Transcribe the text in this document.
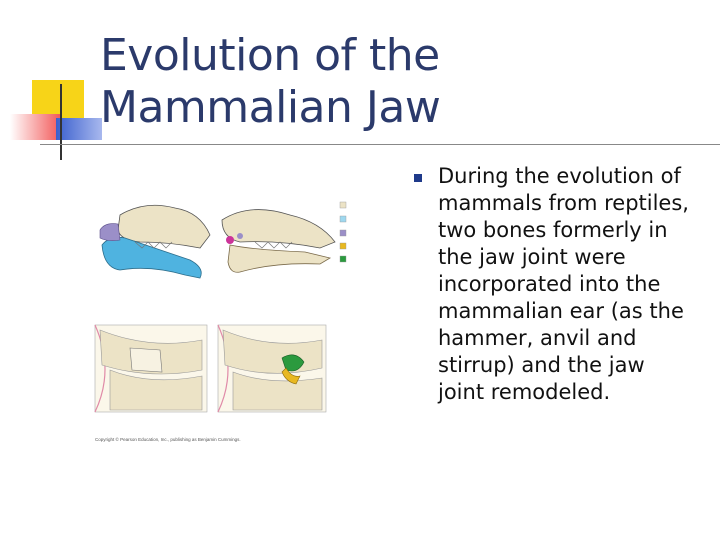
Evolution of the Mammalian Jaw

During the evolution of mammals from reptiles, two bones formerly in the jaw joint were incorporated into the mammalian ear (as the hammer, anvil and stirrup) and the jaw joint remodeled.

Copyright © Pearson Education, Inc., publishing as Benjamin Cummings.
